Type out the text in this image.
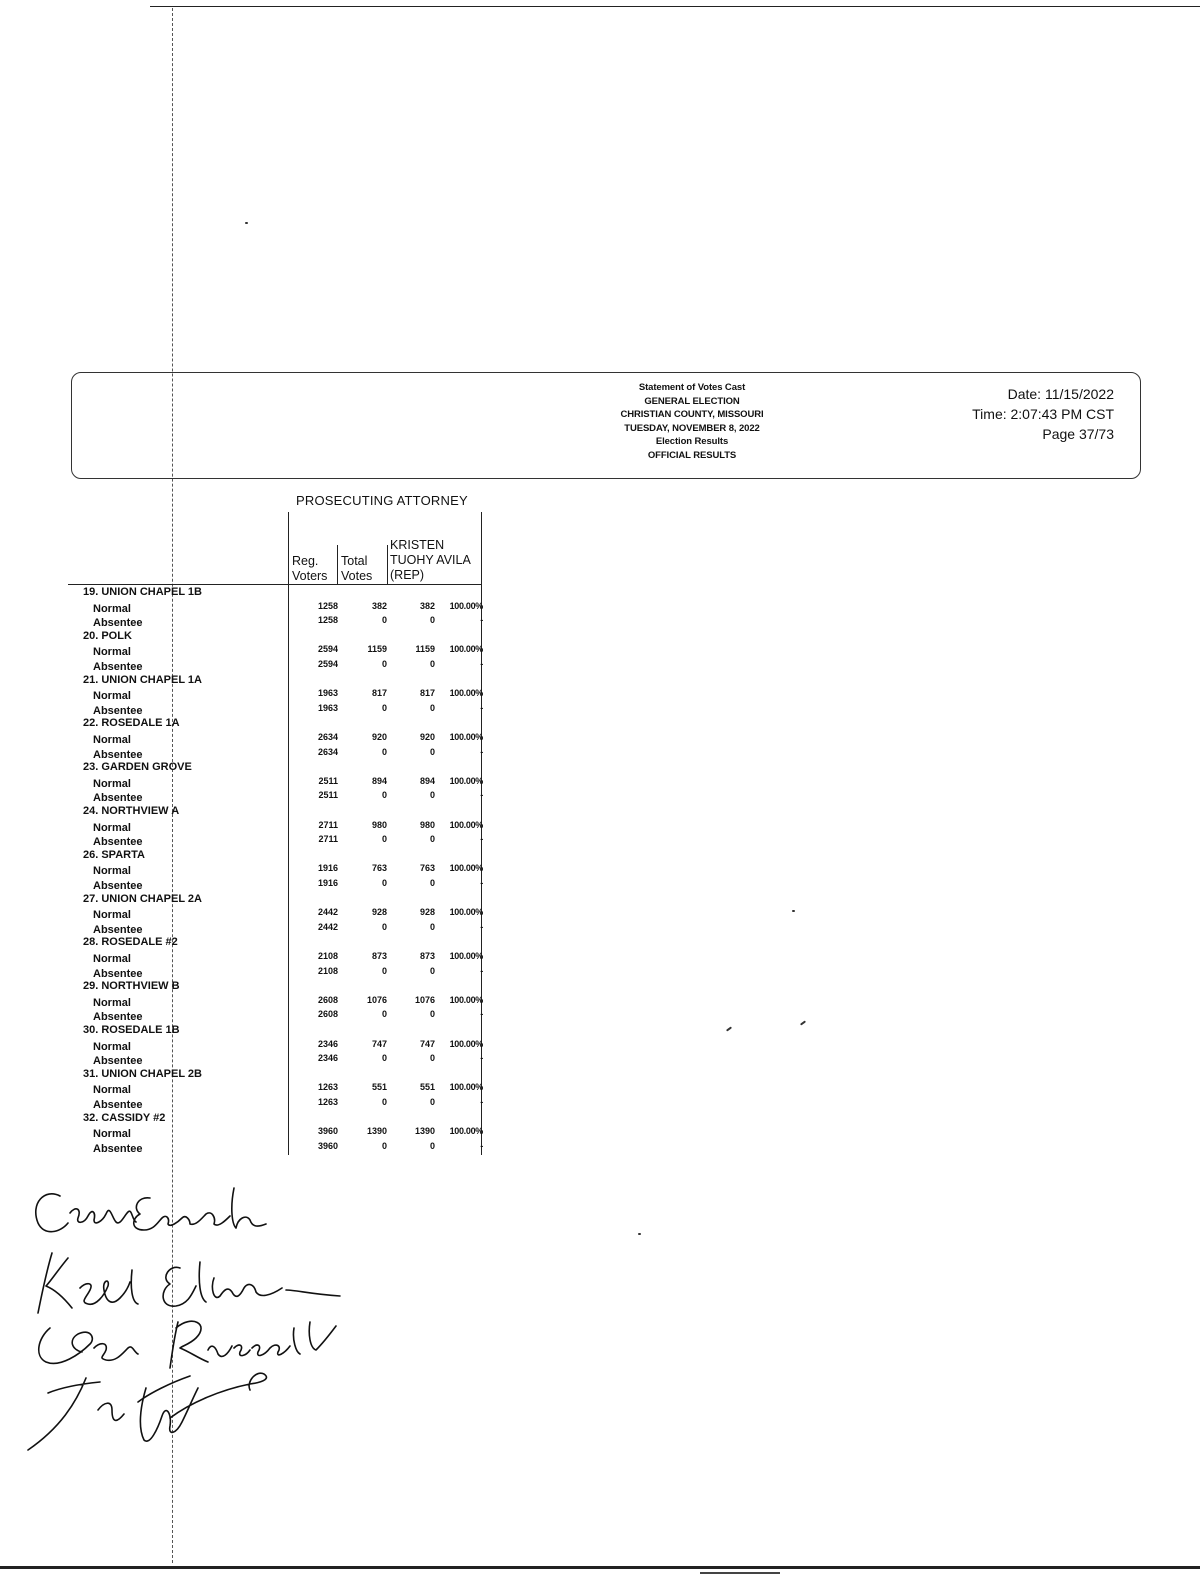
Statement of Votes Cast
GENERAL ELECTION
CHRISTIAN COUNTY, MISSOURI
TUESDAY, NOVEMBER 8, 2022
Election Results
OFFICIAL RESULTS
Date: 11/15/2022
Time: 2:07:43 PM CST
Page 37/73
PROSECUTING ATTORNEY
Reg.
Voters
Total
Votes
KRISTEN
TUOHY AVILA
(REP)
19. UNION CHAPEL 1B
Normal	1258	382	382	100.00%
Absentee	1258	0	0	-
20. POLK
Normal	2594	1159	1159	100.00%
Absentee	2594	0	0	-
21. UNION CHAPEL 1A
Normal	1963	817	817	100.00%
Absentee	1963	0	0	-
22. ROSEDALE 1A
Normal	2634	920	920	100.00%
Absentee	2634	0	0	-
23. GARDEN GROVE
Normal	2511	894	894	100.00%
Absentee	2511	0	0	-
24. NORTHVIEW A
Normal	2711	980	980	100.00%
Absentee	2711	0	0	-
26. SPARTA
Normal	1916	763	763	100.00%
Absentee	1916	0	0	-
27. UNION CHAPEL 2A
Normal	2442	928	928	100.00%
Absentee	2442	0	0	-
28. ROSEDALE #2
Normal	2108	873	873	100.00%
Absentee	2108	0	0	-
29. NORTHVIEW B
Normal	2608	1076	1076	100.00%
Absentee	2608	0	0	-
30. ROSEDALE 1B
Normal	2346	747	747	100.00%
Absentee	2346	0	0	-
31. UNION CHAPEL 2B
Normal	1263	551	551	100.00%
Absentee	1263	0	0	-
32. CASSIDY #2
Normal	3960	1390	1390	100.00%
Absentee	3960	0	0	-
